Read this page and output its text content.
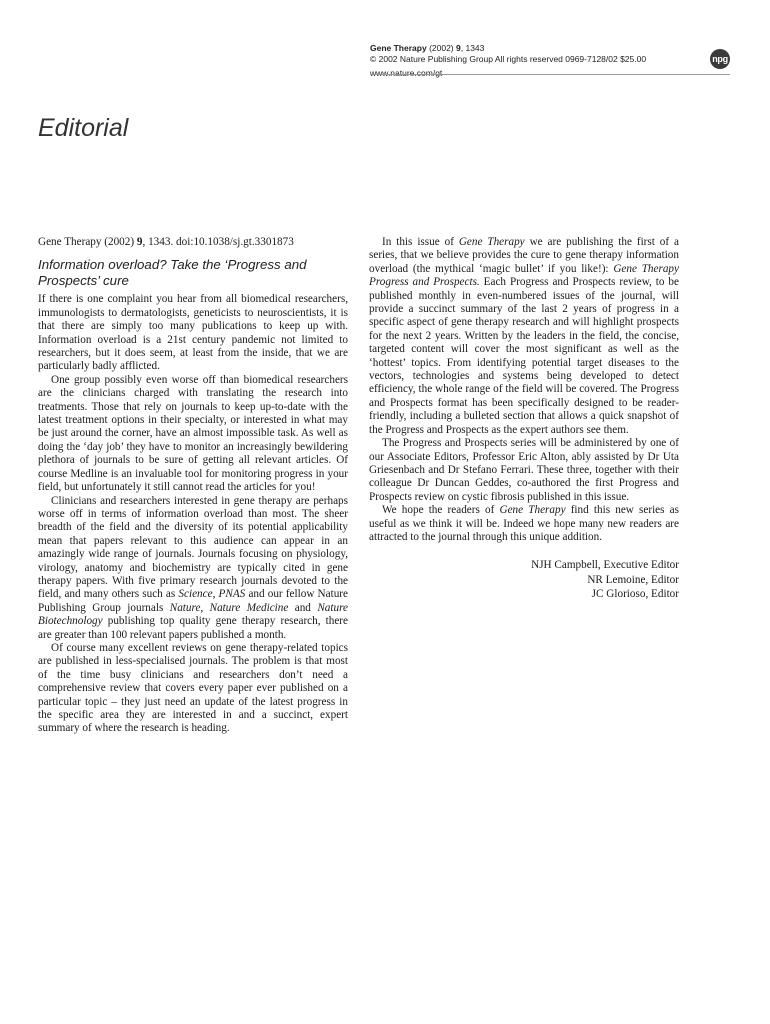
Gene Therapy (2002) 9, 1343
© 2002 Nature Publishing Group All rights reserved 0969-7128/02 $25.00
www.nature.com/gt
npg
Editorial

Gene Therapy (2002) 9, 1343. doi:10.1038/sj.gt.3301873

Information overload? Take the ‘Progress and Prospects’ cure

If there is one complaint you hear from all biomedical researchers, immunologists to dermatologists, geneticists to neuroscientists, it is that there are simply too many publications to keep up with. Information overload is a 21st century pandemic not limited to researchers, but it does seem, at least from the inside, that we are particularly badly afflicted.

One group possibly even worse off than biomedical researchers are the clinicians charged with translating the research into treatments. Those that rely on journals to keep up-to-date with the latest treatment options in their specialty, or interested in what may be just around the corner, have an almost impossible task. As well as doing the ‘day job’ they have to monitor an increasingly bewildering plethora of journals to be sure of getting all relevant articles. Of course Medline is an invaluable tool for monitoring progress in your field, but unfortunately it still cannot read the articles for you!

Clinicians and researchers interested in gene therapy are perhaps worse off in terms of information overload than most. The sheer breadth of the field and the diversity of its potential applicability mean that papers relevant to this audience can appear in an amazingly wide range of journals. Journals focusing on physiology, virology, anatomy and biochemistry are typically cited in gene therapy papers. With five primary research journals devoted to the field, and many others such as Science, PNAS and our fellow Nature Publishing Group journals Nature, Nature Medicine and Nature Biotechnology publishing top quality gene therapy research, there are greater than 100 relevant papers published a month.

Of course many excellent reviews on gene therapy-related topics are published in less-specialised journals. The problem is that most of the time busy clinicians and researchers don’t need a comprehensive review that covers every paper ever published on a particular topic – they just need an update of the latest progress in the specific area they are interested in and a succinct, expert summary of where the research is heading.

In this issue of Gene Therapy we are publishing the first of a series, that we believe provides the cure to gene therapy information overload (the mythical ‘magic bullet’ if you like!): Gene Therapy Progress and Prospects. Each Progress and Prospects review, to be published monthly in even-numbered issues of the journal, will provide a succinct summary of the last 2 years of progress in a specific aspect of gene therapy research and will highlight prospects for the next 2 years. Written by the leaders in the field, the concise, targeted content will cover the most significant as well as the ‘hottest’ topics. From identifying potential target diseases to the vectors, technologies and systems being developed to detect efficiency, the whole range of the field will be covered. The Progress and Prospects format has been specifically designed to be reader-friendly, including a bulleted section that allows a quick snapshot of the Progress and Prospects as the expert authors see them.

The Progress and Prospects series will be administered by one of our Associate Editors, Professor Eric Alton, ably assisted by Dr Uta Griesenbach and Dr Stefano Ferrari. These three, together with their colleague Dr Duncan Geddes, co-authored the first Progress and Prospects review on cystic fibrosis published in this issue.

We hope the readers of Gene Therapy find this new series as useful as we think it will be. Indeed we hope many new readers are attracted to the journal through this unique addition.

NJH Campbell, Executive Editor
NR Lemoine, Editor
JC Glorioso, Editor
